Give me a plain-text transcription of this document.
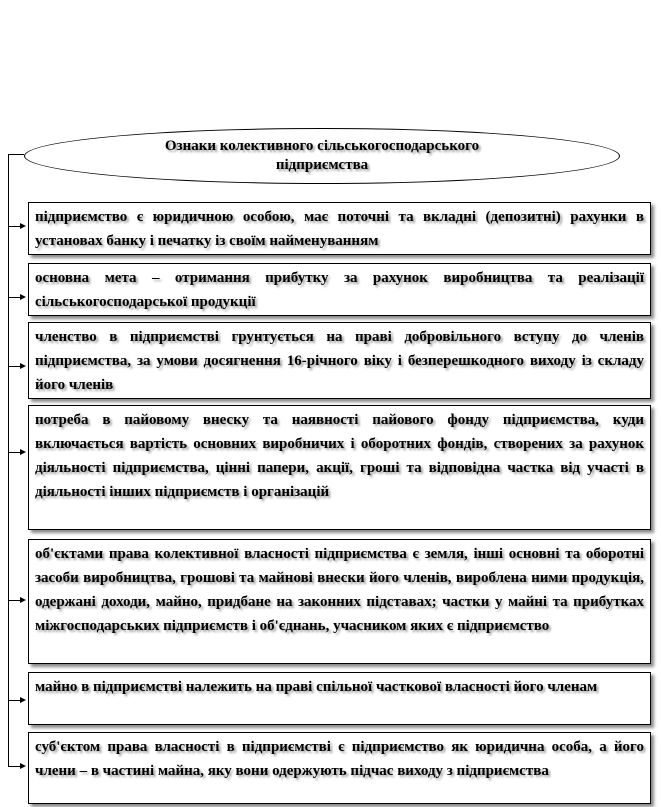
Ознаки колективного сільськогосподарського підприємства
підприємство є юридичною особою, має поточні та вкладні (депозитні) рахунки в установах банку і печатку із своїм найменуванням
основна мета – отримання прибутку за рахунок виробництва та реалізації сільськогосподарської продукції
членство в підприємстві грунтується на праві добровільного вступу до членів підприємства, за умови досягнення 16-річного віку і безперешкодного виходу із складу його членів
потреба в пайовому внеску та наявності пайового фонду підприємства, куди включається вартість основних виробничих і оборотних фондів, створених за рахунок діяльності підприємства, цінні папери, акції, гроші та відповідна частка від участі в діяльності інших підприємств і організацій
об'єктами права колективної власності підприємства є земля, інші основні та оборотні засоби виробництва, грошові та майнові внески його членів, вироблена ними продукція, одержані доходи, майно, придбане на законних підставах; частки у майні та прибутках міжгосподарських підприємств і об'єднань, учасником яких є підприємство
майно в підприємстві належить на праві спільної часткової власності його членам
суб'єктом права власності в підприємстві є підприємство як юридична особа, а його члени – в частині майна, яку вони одержують підчас виходу з підприємства
